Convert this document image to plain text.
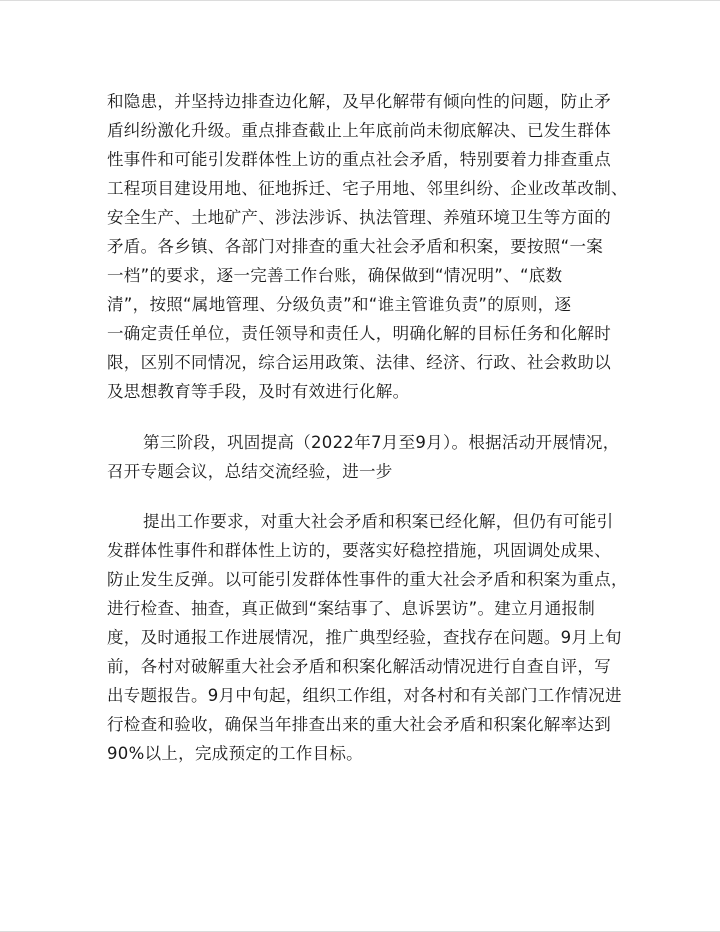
和隐患，并坚持边排查边化解，及早化解带有倾向性的问题，防止矛
盾纠纷激化升级。重点排查截止上年底前尚未彻底解决、已发生群体
性事件和可能引发群体性上访的重点社会矛盾，特别要着力排查重点
工程项目建设用地、征地拆迁、宅子用地、邻里纠纷、企业改革改制、
安全生产、土地矿产、涉法涉诉、执法管理、养殖环境卫生等方面的
矛盾。各乡镇、各部门对排查的重大社会矛盾和积案，要按照“一案
一档”的要求，逐一完善工作台账，确保做到“情况明”、“底数
清”，按照“属地管理、分级负责”和“谁主管谁负责”的原则，逐
一确定责任单位，责任领导和责任人，明确化解的目标任务和化解时
限，区别不同情况，综合运用政策、法律、经济、行政、社会救助以
及思想教育等手段，及时有效进行化解。
第三阶段，巩固提高（2022年7月至9月）。根据活动开展情况，
召开专题会议，总结交流经验，进一步
提出工作要求，对重大社会矛盾和积案已经化解，但仍有可能引
发群体性事件和群体性上访的，要落实好稳控措施，巩固调处成果、
防止发生反弹。以可能引发群体性事件的重大社会矛盾和积案为重点，
进行检查、抽查，真正做到“案结事了、息诉罢访”。建立月通报制
度，及时通报工作进展情况，推广典型经验，查找存在问题。9月上旬
前，各村对破解重大社会矛盾和积案化解活动情况进行自查自评，写
出专题报告。9月中旬起，组织工作组，对各村和有关部门工作情况进
行检查和验收，确保当年排查出来的重大社会矛盾和积案化解率达到
90%以上，完成预定的工作目标。
